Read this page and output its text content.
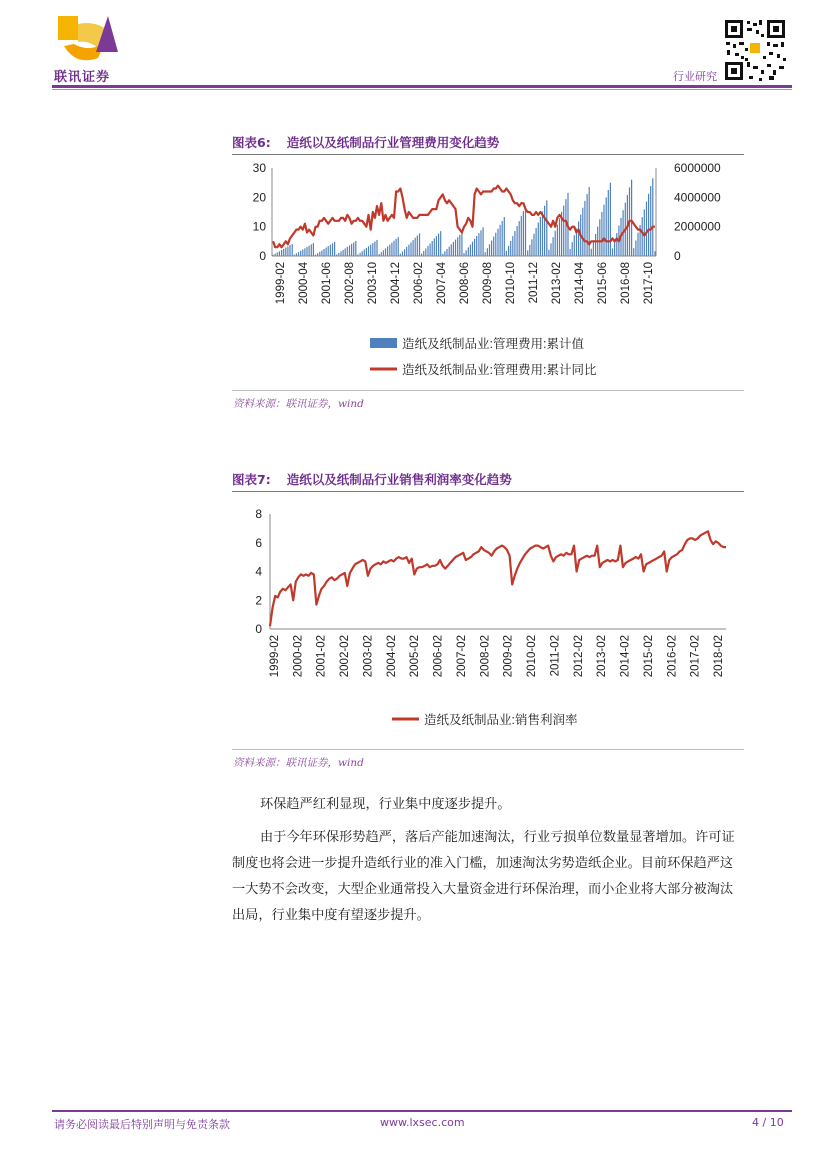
联讯证券	行业研究
图表6: 造纸以及纸制品行业管理费用变化趋势
0
10
20
30
0
2000000
4000000
6000000
1999-02 2000-04 2001-06 2002-08 2003-10 2004-12 2006-02 2007-04 2008-06 2009-08 2010-10 2011-12 2013-02 2014-04 2015-06 2016-08 2017-10
造纸及纸制品业:管理费用:累计值
造纸及纸制品业:管理费用:累计同比
资料来源：联讯证券，wind
图表7: 造纸以及纸制品行业销售利润率变化趋势
0
2
4
6
8
1999-02 2000-02 2001-02 2002-02 2003-02 2004-02 2005-02 2006-02 2007-02 2008-02 2009-02 2010-02 2011-02 2012-02 2013-02 2014-02 2015-02 2016-02 2017-02 2018-02
造纸及纸制品业:销售利润率
资料来源：联讯证券，wind
环保趋严红利显现，行业集中度逐步提升。
由于今年环保形势趋严，落后产能加速淘汰，行业亏损单位数量显著增加。许可证
制度也将会进一步提升造纸行业的准入门槛，加速淘汰劣势造纸企业。目前环保趋严这
一大势不会改变，大型企业通常投入大量资金进行环保治理，而小企业将大部分被淘汰
出局，行业集中度有望逐步提升。
请务必阅读最后特别声明与免责条款	www.lxsec.com	4 / 10
